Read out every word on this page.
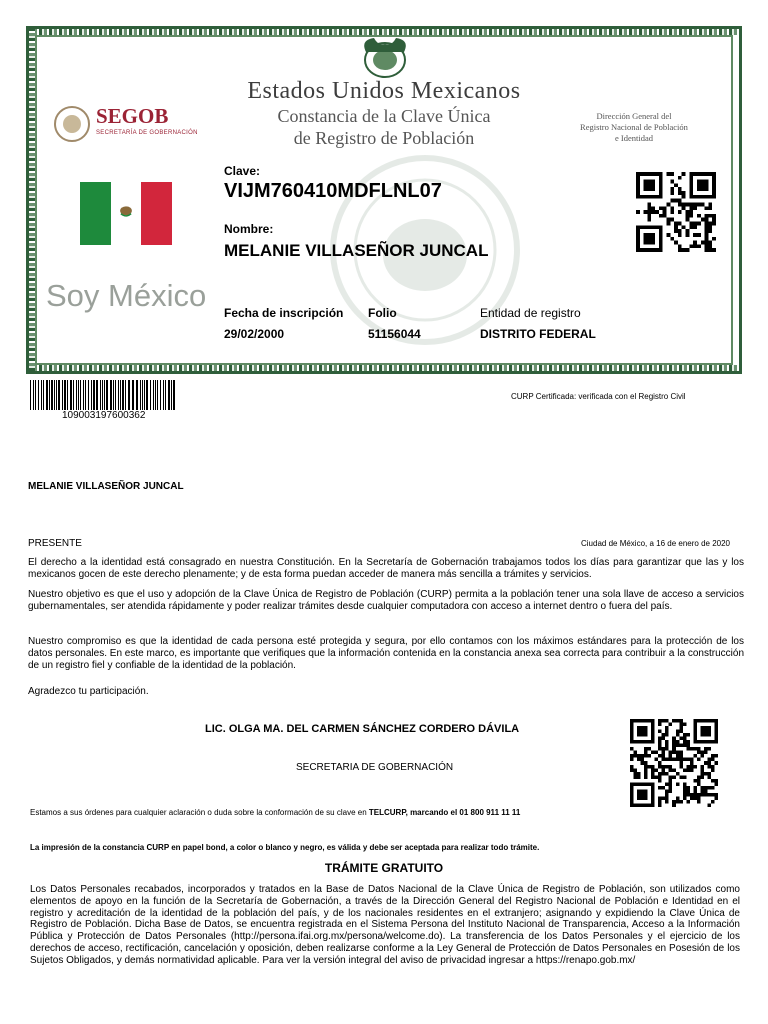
Estados Unidos Mexicanos
Constancia de la Clave Única
de Registro de Población
Dirección General del
Registro Nacional de Población
e Identidad
SEGOB
SECRETARÍA DE GOBERNACIÓN
Soy México
Clave:
VIJM760410MDFLNL07
Nombre:
MELANIE VILLASEÑOR JUNCAL
Fecha de inscripción
29/02/2000
Folio
51156044
Entidad de registro
DISTRITO FEDERAL
109003197600362
CURP Certificada: verificada con el Registro Civil
MELANIE VILLASEÑOR JUNCAL
PRESENTE	Ciudad de México, a 16 de enero de 2020
El derecho a la identidad está consagrado en nuestra Constitución. En la Secretaría de Gobernación trabajamos todos los días para garantizar que las y los mexicanos gocen de este derecho plenamente; y de esta forma puedan acceder de manera más sencilla a trámites y servicios.
Nuestro objetivo es que el uso y adopción de la Clave Única de Registro de Población (CURP) permita a la población tener una sola llave de acceso a servicios gubernamentales, ser atendida rápidamente y poder realizar trámites desde cualquier computadora con acceso a internet dentro o fuera del país.
Nuestro compromiso es que la identidad de cada persona esté protegida y segura, por ello contamos con los máximos estándares para la protección de los datos personales. En este marco, es importante que verifiques que la información contenida en la constancia anexa sea correcta para contribuir a la construcción de un registro fiel y confiable de la identidad de la población.
Agradezco tu participación.
LIC. OLGA MA. DEL CARMEN SÁNCHEZ CORDERO DÁVILA
SECRETARIA DE GOBERNACIÓN
Estamos a sus órdenes para cualquier aclaración o duda sobre la conformación de su clave en TELCURP, marcando el 01 800 911 11 11
La impresión de la constancia CURP en papel bond, a color o blanco y negro, es válida y debe ser aceptada para realizar todo trámite.
TRÁMITE GRATUITO
Los Datos Personales recabados, incorporados y tratados en la Base de Datos Nacional de la Clave Única de Registro de Población, son utilizados como elementos de apoyo en la función de la Secretaría de Gobernación, a través de la Dirección General del Registro Nacional de Población e Identidad en el registro y acreditación de la identidad de la población del país, y de los nacionales residentes en el extranjero; asignando y expidiendo la Clave Única de Registro de Población. Dicha Base de Datos, se encuentra registrada en el Sistema Persona del Instituto Nacional de Transparencia, Acceso a la Información Pública y Protección de Datos Personales (http://persona.ifai.org.mx/persona/welcome.do). La transferencia de los Datos Personales y el ejercicio de los derechos de acceso, rectificación, cancelación y oposición, deben realizarse conforme a la Ley General de Protección de Datos Personales en Posesión de los Sujetos Obligados, y demás normatividad aplicable. Para ver la versión integral del aviso de privacidad ingresar a https://renapo.gob.mx/
